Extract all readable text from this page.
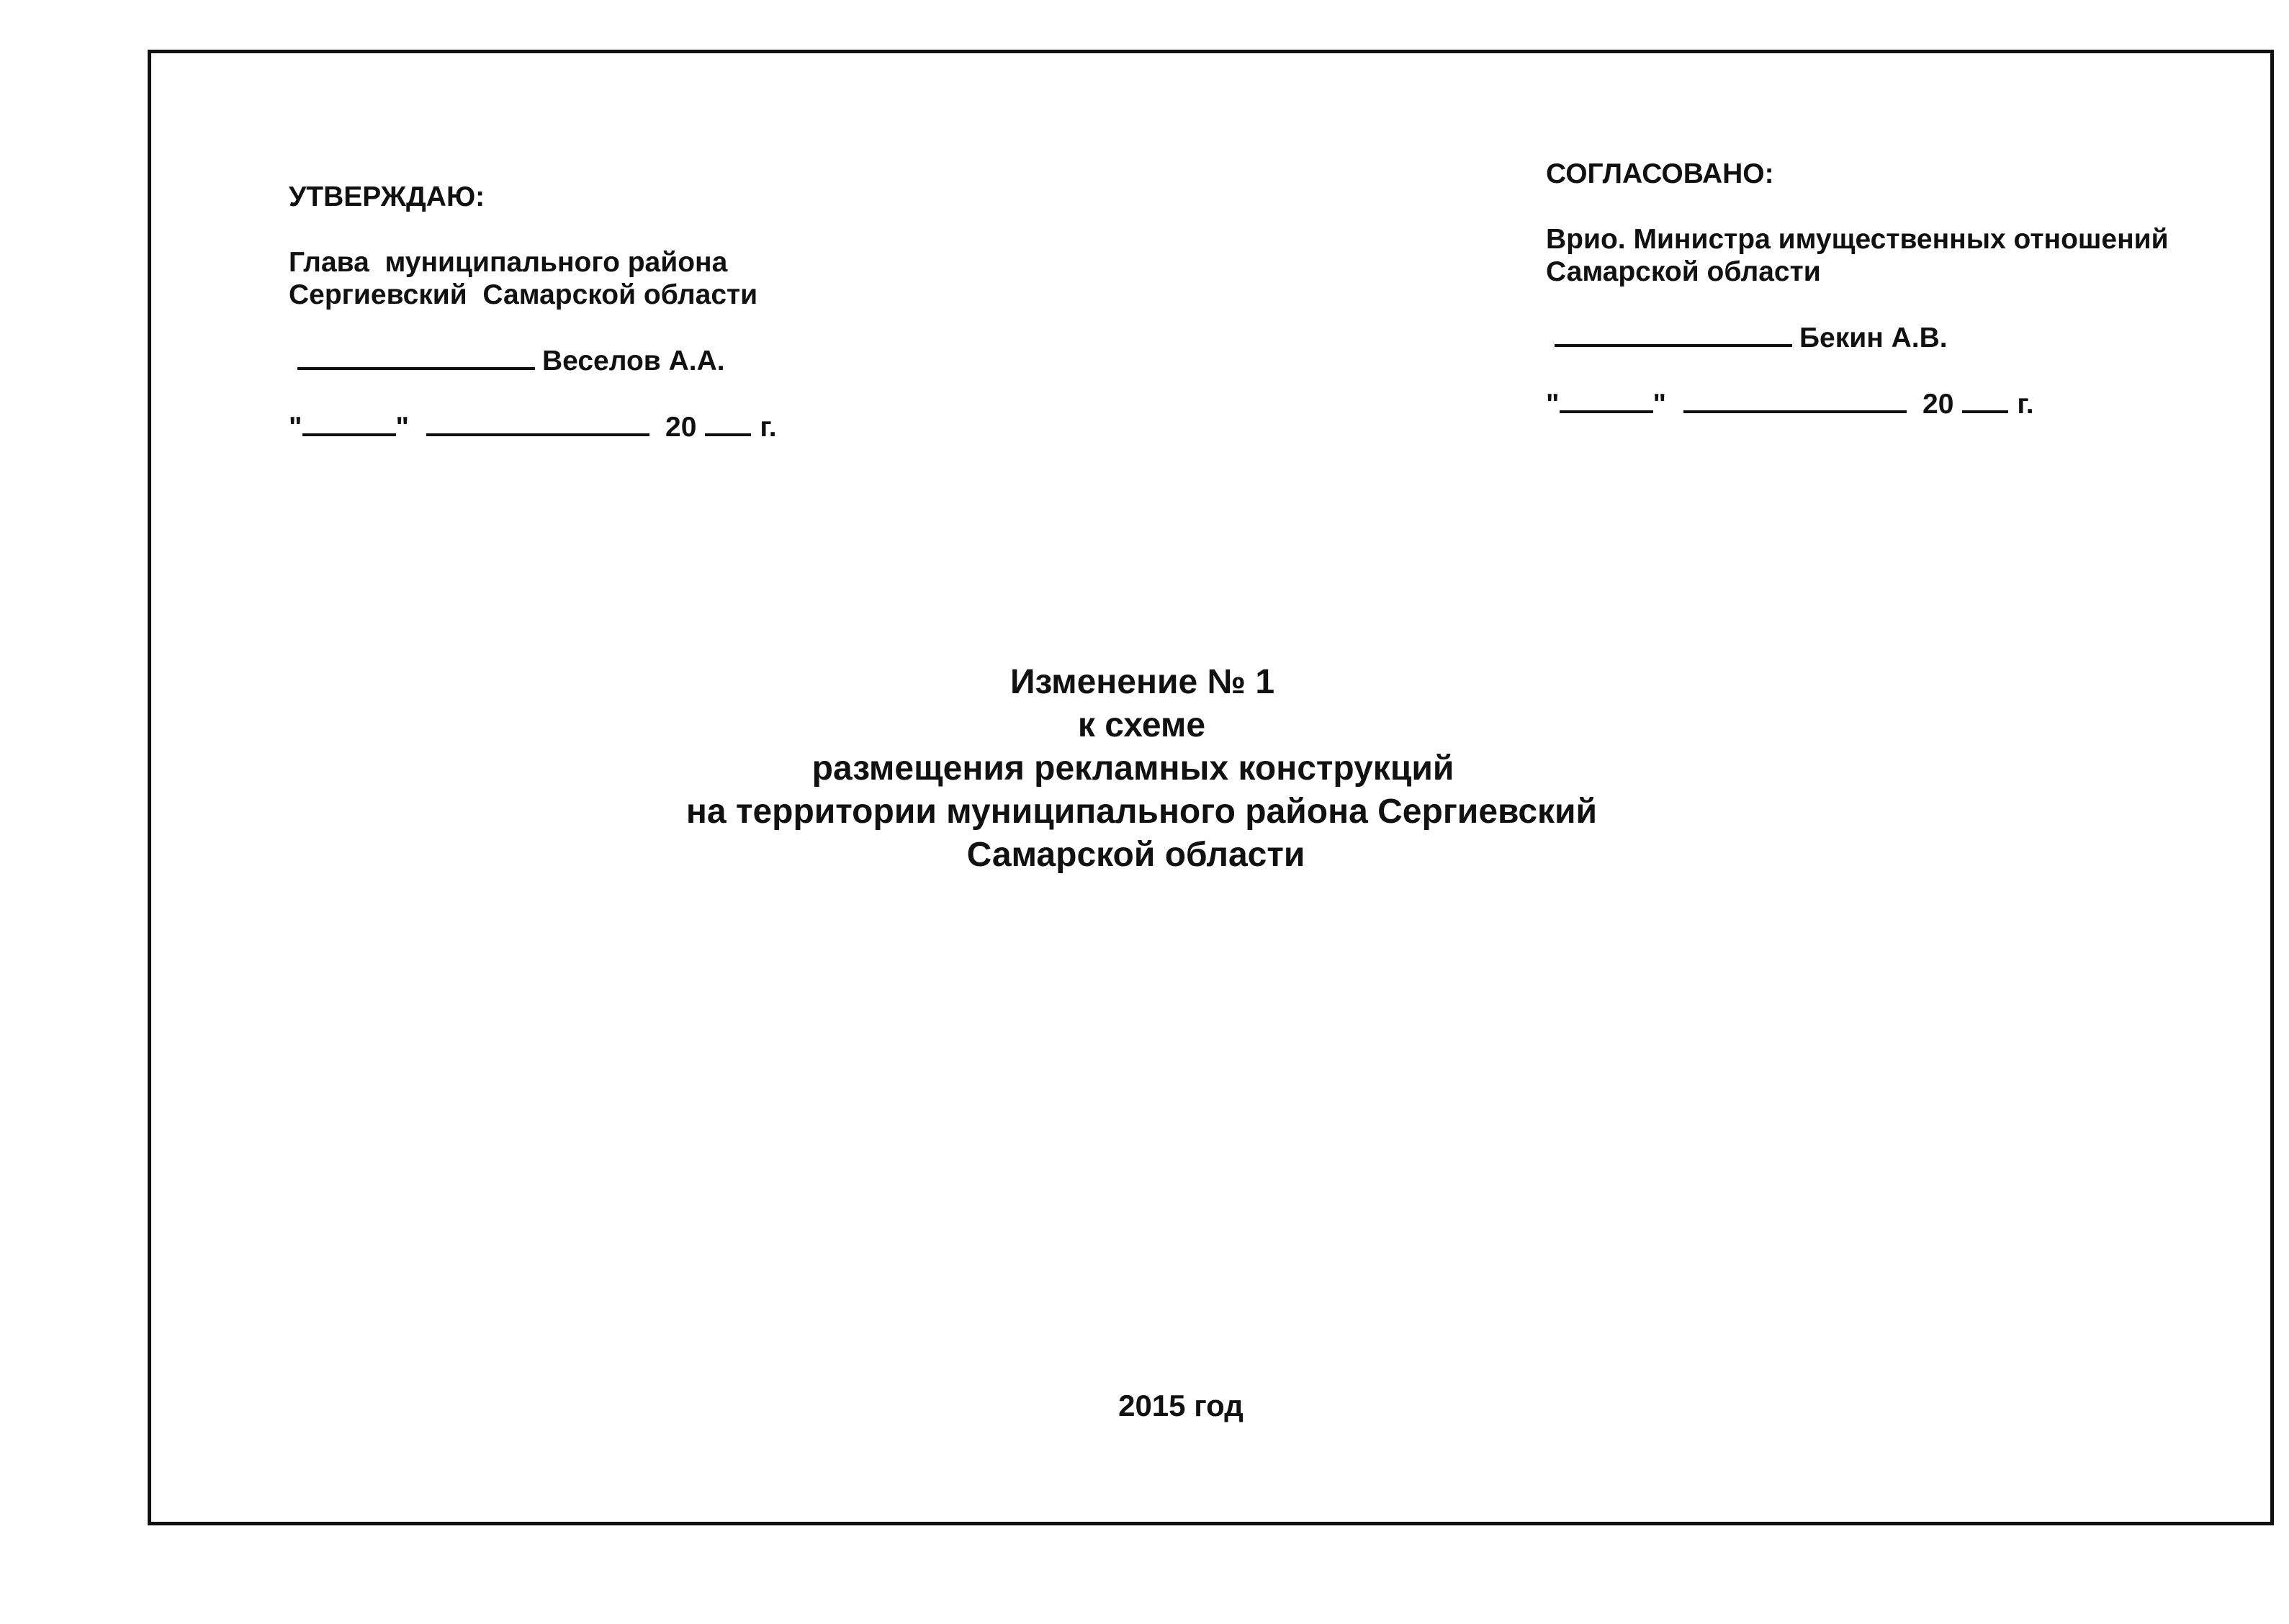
УТВЕРЖДАЮ:
Глава  муниципального района
Сергиевский  Самарской области
Веселов А.А.
"	"	20 г.
СОГЛАСОВАНО:
Врио. Министра имущественных отношений
Самарской области
Бекин А.В.
"	"	20 г.
Изменение № 1
к схеме
размещения рекламных конструкций
на территории муниципального района Сергиевский
Самарской области
2015 год
